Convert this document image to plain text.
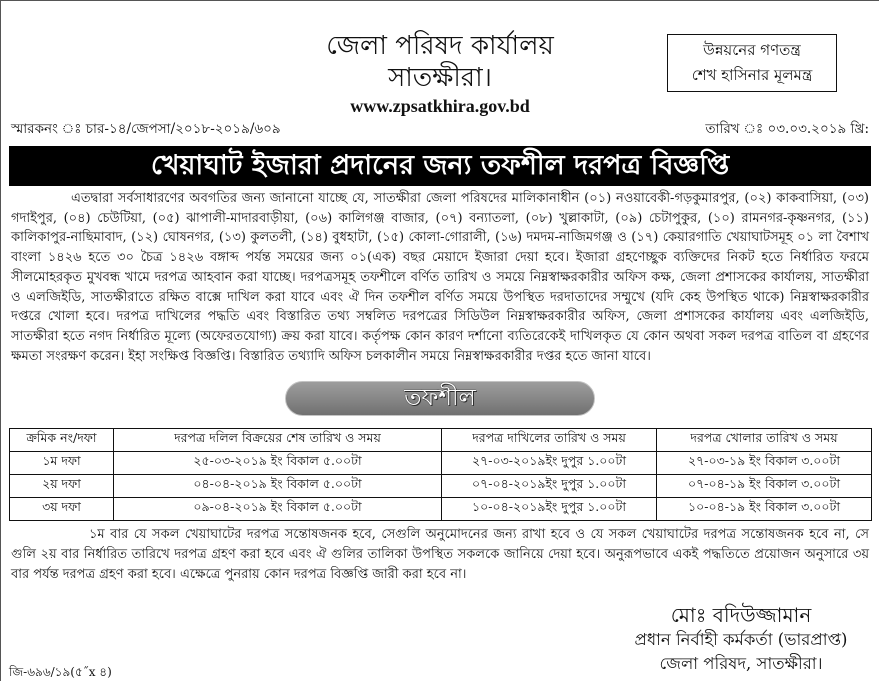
জেলা পরিষদ কার্যালয়
সাতক্ষীরা।
www.zpsatkhira.gov.bd
উন্নয়নের গণতন্ত্র
শেখ হাসিনার মূলমন্ত্র
স্মারকনং ঃ চার-১৪/জেপসা/২০১৮-২০১৯/৬০৯	তারিখ ঃ ০৩.০৩.২০১৯ খ্রি:
খেয়াঘাট ইজারা প্রদানের জন্য তফশীল দরপত্র বিজ্ঞপ্তি

এতদ্বারা সর্বসাধারণের অবগতির জন্য জানানো যাচ্ছে যে, সাতক্ষীরা জেলা পরিষদের মালিকানাধীন (০১) নওয়াবেকী-গড়কুমারপুর, (০২) কাকবাসিয়া, (০৩) গদাইপুর, (০৪) চেউটিয়া, (০৫) ঝাপালী-মাদারবাড়ীয়া, (০৬) কালিগঞ্জ বাজার, (০৭) বন্যাতলা, (০৮) খুল্লাকাটা, (০৯) চেটাপুকুর, (১০) রামনগর-কৃষ্ণনগর, (১১) কালিকাপুর-নাছিমাবাদ, (১২) ঘোষনগর, (১৩) কুলতলী, (১৪) বুধহাটা, (১৫) কোলা-গোরালী, (১৬) দমদম-নাজিমগঞ্জ ও (১৭) কেয়ারগাতি খেয়াঘাটসমূহ ০১ লা বৈশাখ বাংলা ১৪২৬ হতে ৩০ চৈত্র ১৪২৬ বঙ্গাব্দ পর্যন্ত সময়ের জন্য ০১(এক) বছর মেয়াদে ইজারা দেয়া হবে। ইজারা গ্রহণেচ্ছুক ব্যক্তিদের নিকট হতে নির্ধারিত ফরমে সীলমোহরকৃত মুখবন্ধ খামে দরপত্র আহবান করা যাচ্ছে। দরপত্রসমূহ তফশীলে বর্ণিত তারিখ ও সময়ে নিম্নস্বাক্ষরকারীর অফিস কক্ষ, জেলা প্রশাসকের কার্যালয়, সাতক্ষীরা ও এলজিইডি, সাতক্ষীরাতে রক্ষিত বাক্সে দাখিল করা যাবে এবং ঐ দিন তফশীল বর্ণিত সময়ে উপস্থিত দরদাতাদের সম্মুখে (যদি কেহ উপস্থিত থাকে) নিম্নস্বাক্ষরকারীর দপ্তরে খোলা হবে। দরপত্র দাখিলের পদ্ধতি এবং বিস্তারিত তথ্য সম্বলিত দরপত্রের সিডিউল নিম্নস্বাক্ষরকারীর অফিস, জেলা প্রশাসকের কার্যালয় এবং এলজিইডি, সাতক্ষীরা হতে নগদ নির্ধারিত মূল্যে (অফেরতযোগ্য) ক্রয় করা যাবে। কর্তৃপক্ষ কোন কারণ দর্শানো ব্যতিরেকেই দাখিলকৃত যে কোন অথবা সকল দরপত্র বাতিল বা গ্রহণের ক্ষমতা সংরক্ষণ করেন। ইহা সংক্ষিপ্ত বিজ্ঞপ্তি। বিস্তারিত তথ্যাদি অফিস চলকালীন সময়ে নিম্নস্বাক্ষরকারীর দপ্তর হতে জানা যাবে।

তফশীল
ক্রমিক নং/দফা	দরপত্র দলিল বিক্রয়ের শেষ তারিখ ও সময়	দরপত্র দাখিলের তারিখ ও সময়	দরপত্র খোলার তারিখ ও সময়
১ম দফা	২৫-০৩-২০১৯ ইং বিকাল ৫.০০টা	২৭-০৩-২০১৯ইং দুপুর ১.০০টা	২৭-০৩-১৯ ইং বিকাল ৩.০০টা
২য় দফা	০৪-০৪-২০১৯ ইং বিকাল ৫.০০টা	০৭-০৪-২০১৯ইং দুপুর ১.০০টা	০৭-০৪-১৯ ইং বিকাল ৩.০০টা
৩য় দফা	০৯-০৪-২০১৯ ইং বিকাল ৫.০০টা	১০-০৪-২০১৯ইং দুপুর ১.০০টা	১০-০৪-১৯ ইং বিকাল ৩.০০টা

১ম বার যে সকল খেয়াঘাটের দরপত্র সন্তোষজনক হবে, সেগুলি অনুমোদনের জন্য রাখা হবে ও যে সকল খেয়াঘাটের দরপত্র সন্তোষজনক হবে না, সে গুলি ২য় বার নির্ধারিত তারিখে দরপত্র গ্রহণ করা হবে এবং ঐ গুলির তালিকা উপস্থিত সকলকে জানিয়ে দেয়া হবে। অনুরূপভাবে একই পদ্ধতিতে প্রয়োজন অনুসারে ৩য় বার পর্যন্ত দরপত্র গ্রহণ করা হবে। এক্ষেত্রে পুনরায় কোন দরপত্র বিজ্ঞপ্তি জারী করা হবে না।

মোঃ বদিউজ্জামান
প্রধান নির্বাহী কর্মকর্তা (ভারপ্রাপ্ত)
জেলা পরিষদ, সাতক্ষীরা।
জি-৬৯৬/১৯(৫˝x ৪)
